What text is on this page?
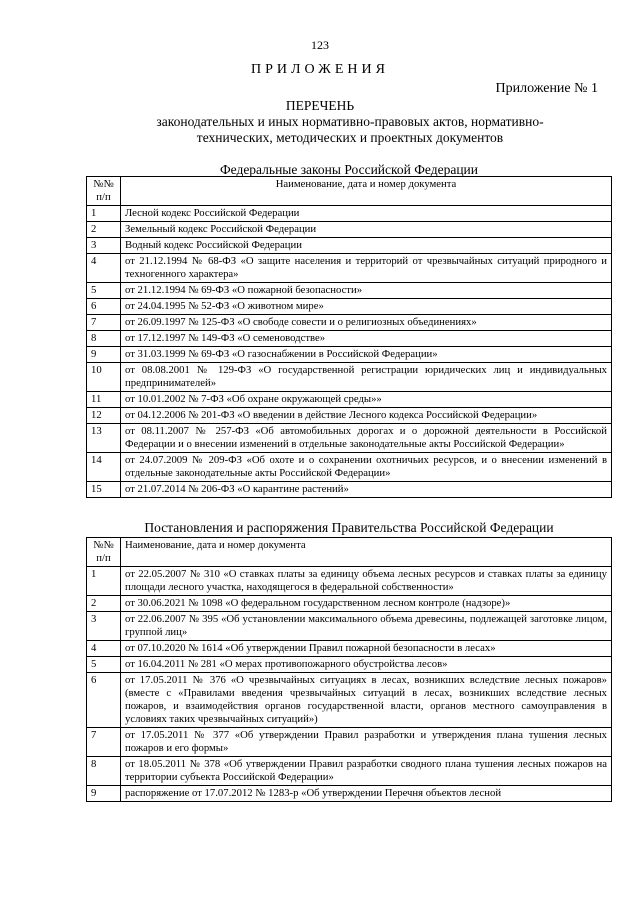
123
ПРИЛОЖЕНИЯ
Приложение № 1
ПЕРЕЧЕНЬ
законодательных и иных нормативно-правовых актов, нормативно-
технических, методических и проектных документов
Федеральные законы Российской Федерации
№№ п/п	Наименование, дата и номер документа
1	Лесной кодекс Российской Федерации
2	Земельный кодекс Российской Федерации
3	Водный кодекс Российской Федерации
4	от 21.12.1994 № 68-ФЗ «О защите населения и территорий от чрезвычайных ситуаций природного и техногенного характера»
5	от 21.12.1994 № 69-ФЗ «О пожарной безопасности»
6	от 24.04.1995 № 52-ФЗ «О животном мире»
7	от 26.09.1997 № 125-ФЗ «О свободе совести и о религиозных объединениях»
8	от 17.12.1997 № 149-ФЗ «О семеноводстве»
9	от 31.03.1999 № 69-ФЗ «О газоснабжении в Российской Федерации»
10	от 08.08.2001 № 129-ФЗ «О государственной регистрации юридических лиц и индивидуальных предпринимателей»
11	от 10.01.2002 № 7-ФЗ «Об охране окружающей среды»»
12	от 04.12.2006 № 201-ФЗ «О введении в действие Лесного кодекса Российской Федерации»
13	от 08.11.2007 № 257-ФЗ «Об автомобильных дорогах и о дорожной деятельности в Российской Федерации и о внесении изменений в отдельные законодательные акты Российской Федерации»
14	от 24.07.2009 № 209-ФЗ «Об охоте и о сохранении охотничьих ресурсов, и о внесении изменений в отдельные законодательные акты Российской Федерации»
15	от 21.07.2014 № 206-ФЗ «О карантине растений»
Постановления и распоряжения Правительства Российской Федерации
№№ п/п	Наименование, дата и номер документа
1	от 22.05.2007 № 310 «О ставках платы за единицу объема лесных ресурсов и ставках платы за единицу площади лесного участка, находящегося в федеральной собственности»
2	от 30.06.2021 № 1098 «О федеральном государственном лесном контроле (надзоре)»
3	от 22.06.2007 № 395 «Об установлении максимального объема древесины, подлежащей заготовке лицом, группой лиц»
4	от 07.10.2020 № 1614 «Об утверждении Правил пожарной безопасности в лесах»
5	от 16.04.2011 № 281 «О мерах противопожарного обустройства лесов»
6	от 17.05.2011 № 376 «О чрезвычайных ситуациях в лесах, возникших вследствие лесных пожаров» (вместе с «Правилами введения чрезвычайных ситуаций в лесах, возникших вследствие лесных пожаров, и взаимодействия органов государственной власти, органов местного самоуправления в условиях таких чрезвычайных ситуаций»)
7	от 17.05.2011 № 377 «Об утверждении Правил разработки и утверждения плана тушения лесных пожаров и его формы»
8	от 18.05.2011 № 378 «Об утверждении Правил разработки сводного плана тушения лесных пожаров на территории субъекта Российской Федерации»
9	распоряжение от 17.07.2012 № 1283-р «Об утверждении Перечня объектов лесной
